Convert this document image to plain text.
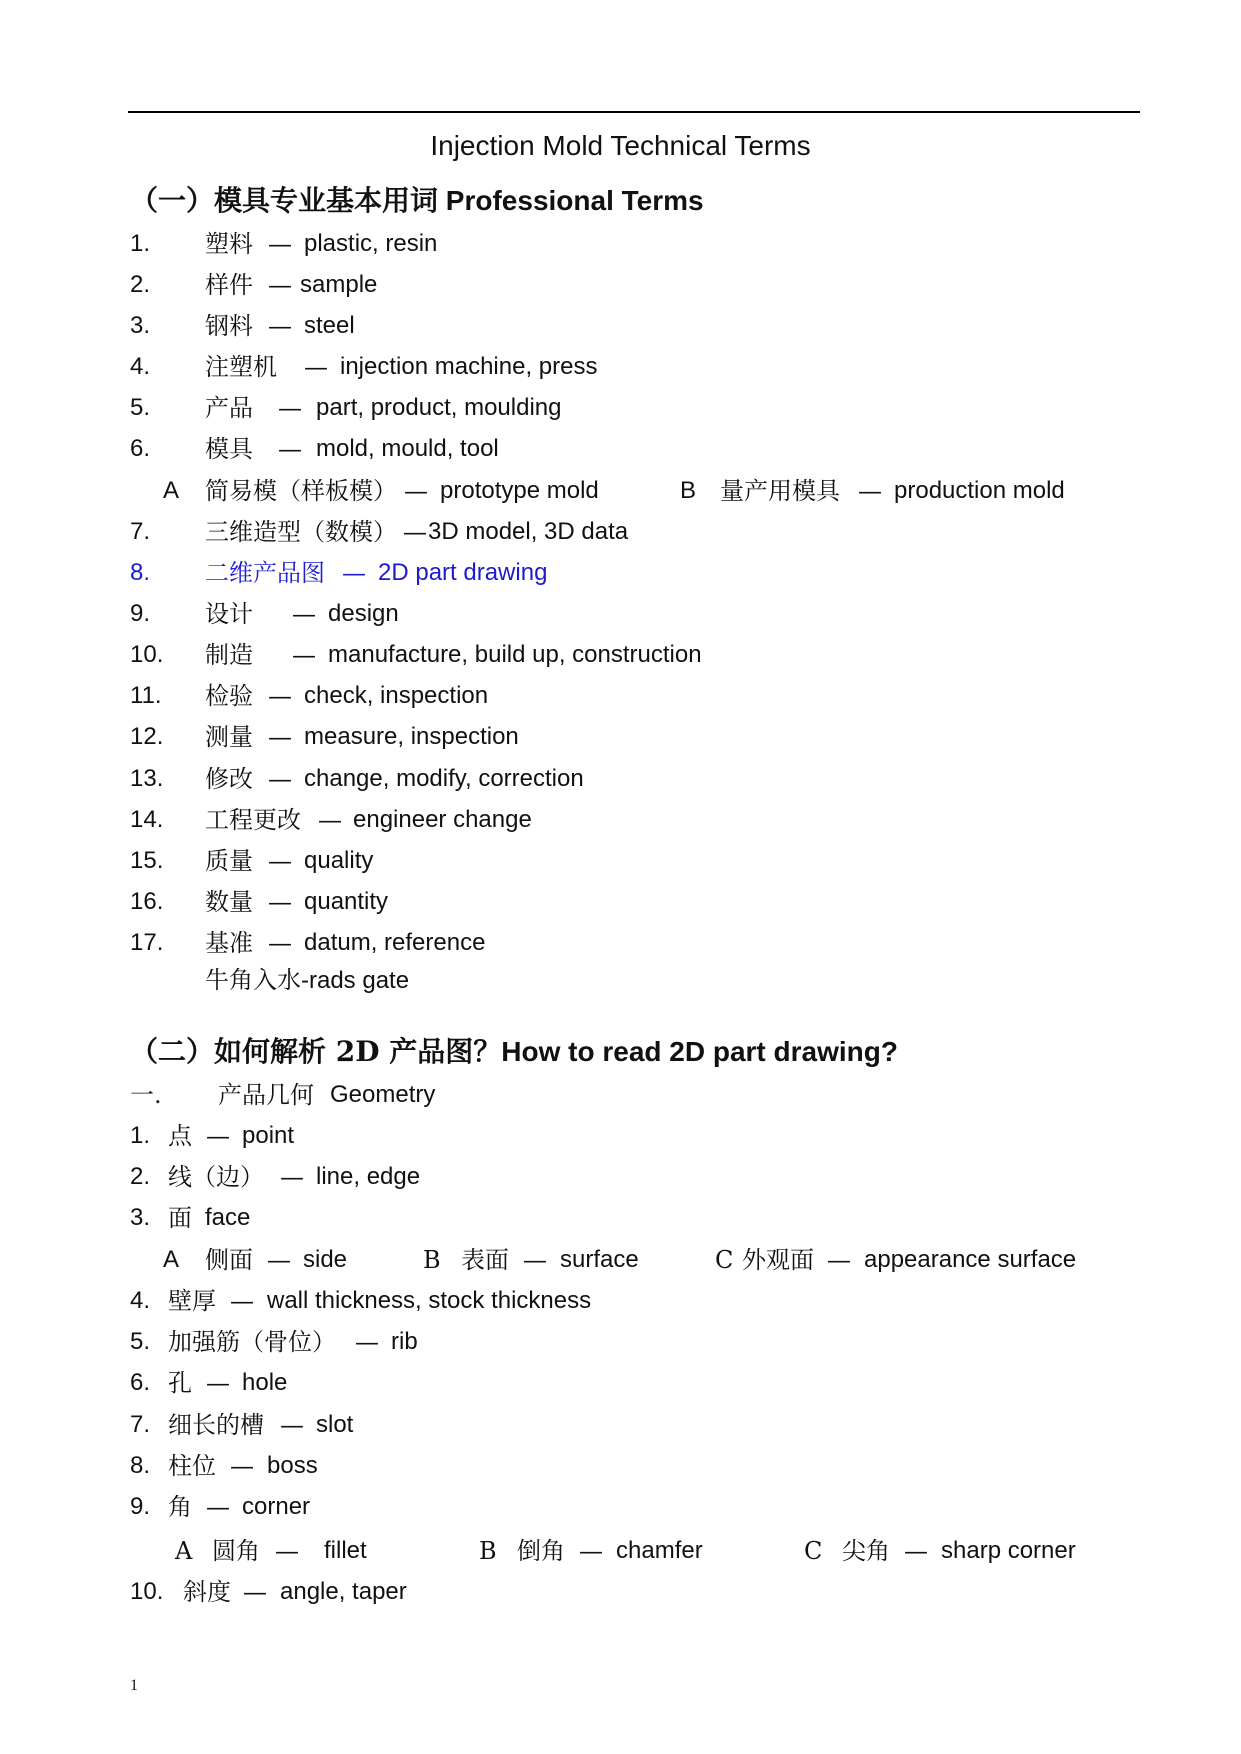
Injection Mold Technical Terms
（一）模具专业基本用词 Professional Terms
1. 塑料 — plastic, resin
2. 样件 — sample
3. 钢料 — steel
4. 注塑机 — injection machine, press
5. 产品 — part, product, moulding
6. 模具 — mold, mould, tool
7. 三维造型（数模） — 3D model, 3D data
8. 二维产品图 — 2D part drawing
9. 设计 — design
10. 制造 — manufacture, build up, construction
11. 检验 — check, inspection
12. 测量 — measure, inspection
13. 修改 — change, modify, correction
14. 工程更改 — engineer change
15. 质量 — quality
16. 数量 — quantity
17. 基准 — datum, reference
A 简易模（样板模） — prototype mold	B 量产用模具 — production mold
牛角入水-rads gate
（二）如何解析 2D 产品图？How to read 2D part drawing?
一. 产品几何 Geometry
1. 点 — point
2. 线（边） — line, edge
3. 面 face
4. 壁厚 — wall thickness, stock thickness
5. 加强筋（骨位） — rib
6. 孔 — hole
7. 细长的槽 — slot
8. 柱位 — boss
9. 角 — corner
10. 斜度 — angle, taper
A 侧面 — side	B 表面 — surface	C 外观面 — appearance surface
A 圆角 — fillet	B 倒角 — chamfer	C 尖角 — sharp corner
1
